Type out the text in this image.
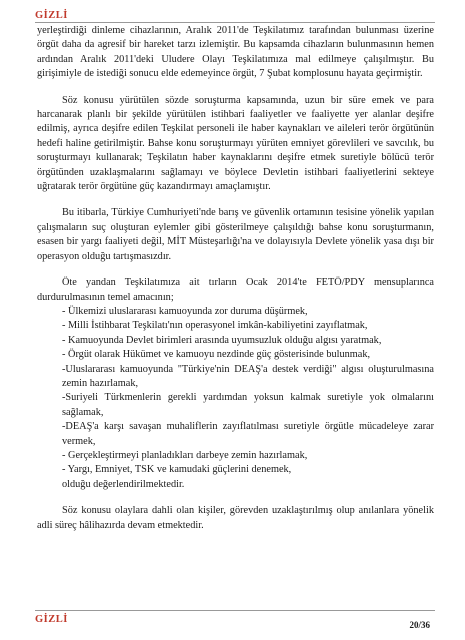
GİZLİ

yerleştirdiği dinleme cihazlarının, Aralık 2011'de Teşkilatımız tarafından bulunması üzerine örgüt daha da agresif bir hareket tarzı izlemiştir. Bu kapsamda cihazların bulunmasının hemen ardından Aralık 2011'deki Uludere Olayı Teşkilatımıza mal edilmeye çalışılmıştır. Bu girişimiyle de istediği sonucu elde edemeyince örgüt, 7 Şubat komplosunu hayata geçirmiştir.

Söz konusu yürütülen sözde soruşturma kapsamında, uzun bir süre emek ve para harcanarak planlı bir şekilde yürütülen istihbari faaliyetler ve faaliyette yer alanlar deşifre edilmiş, ayrıca deşifre edilen Teşkilat personeli ile haber kaynakları ve aileleri terör örgütünün hedefi haline getirilmiştir. Bahse konu soruşturmayı yürüten emniyet görevlileri ve savcılık, bu soruşturmayı kullanarak; Teşkilatın haber kaynaklarını deşifre etmek suretiyle bölücü terör örgütünden uzaklaşmalarını sağlamayı ve böylece Devletin istihbari faaliyetlerini sekteye uğratarak terör örgütüne güç kazandırmayı amaçlamıştır.

Bu itibarla, Türkiye Cumhuriyeti'nde barış ve güvenlik ortamının tesisine yönelik yapılan çalışmaların suç oluşturan eylemler gibi gösterilmeye çalışıldığı bahse konu soruşturmanın, esasen bir yargı faaliyeti değil, MİT Müsteşarlığı'na ve dolayısıyla Devlete yönelik yasa dışı bir operasyon olduğu tartışmasızdır.

Öte yandan Teşkilatımıza ait tırların Ocak 2014'te FETÖ/PDY mensuplarınca durdurulmasının temel amacının;

- Ülkemizi uluslararası kamuoyunda zor duruma düşürmek,

- Milli İstihbarat Teşkilatı'nın operasyonel imkân-kabiliyetini zayıflatmak,

- Kamuoyunda Devlet birimleri arasında uyumsuzluk olduğu algısı yaratmak,

- Örgüt olarak Hükümet ve kamuoyu nezdinde güç gösterisinde bulunmak,

-Uluslararası kamuoyunda "Türkiye'nin DEAŞ'a destek verdiği" algısı oluşturulmasına zemin hazırlamak,

-Suriyeli Türkmenlerin gerekli yardımdan yoksun kalmak suretiyle yok olmalarını sağlamak,

-DEAŞ'a karşı savaşan muhaliflerin zayıflatılması suretiyle örgütle mücadeleye zarar vermek,

- Gerçekleştirmeyi planladıkları darbeye zemin hazırlamak,

- Yargı, Emniyet, TSK ve kamudaki güçlerini denemek,

olduğu değerlendirilmektedir.

Söz konusu olaylara dahli olan kişiler, görevden uzaklaştırılmış olup anılanlara yönelik adli süreç hâlihazırda devam etmektedir.

GİZLİ	20/36
